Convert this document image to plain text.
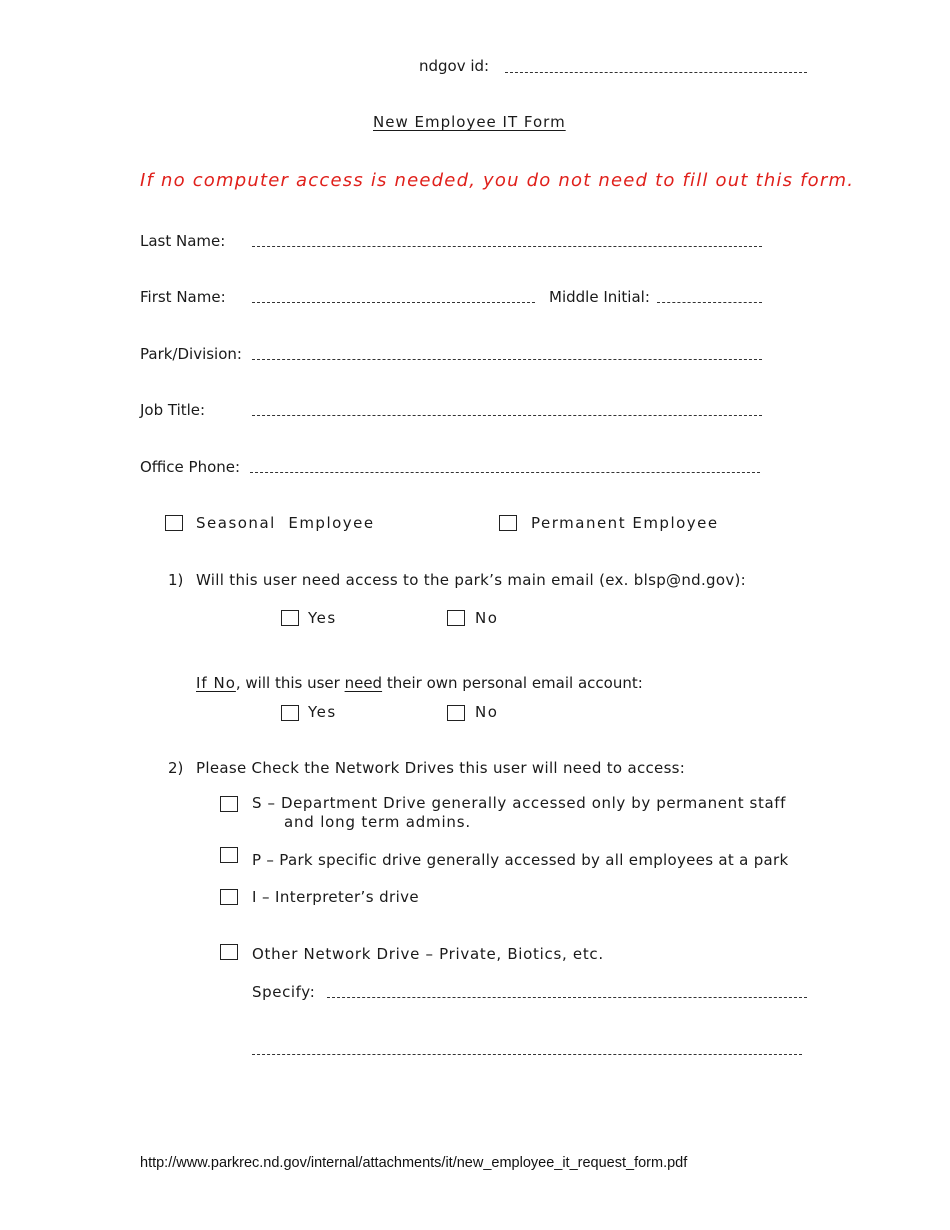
ndgov id:
New Employee IT Form
If no computer access is needed, you do not need to fill out this form.
Last Name:
First Name:	Middle Initial:
Park/Division:
Job Title:
Office Phone:
Seasonal  Employee	Permanent Employee
1) Will this user need access to the park’s main email (ex. blsp@nd.gov):
Yes	No
If No, will this user need their own personal email account:
Yes	No
2) Please Check the Network Drives this user will need to access:
S – Department Drive generally accessed only by permanent staff
and long term admins.
P – Park specific drive generally accessed by all employees at a park
I – Interpreter’s drive
Other Network Drive – Private, Biotics, etc.
Specify:
http://www.parkrec.nd.gov/internal/attachments/it/new_employee_it_request_form.pdf
